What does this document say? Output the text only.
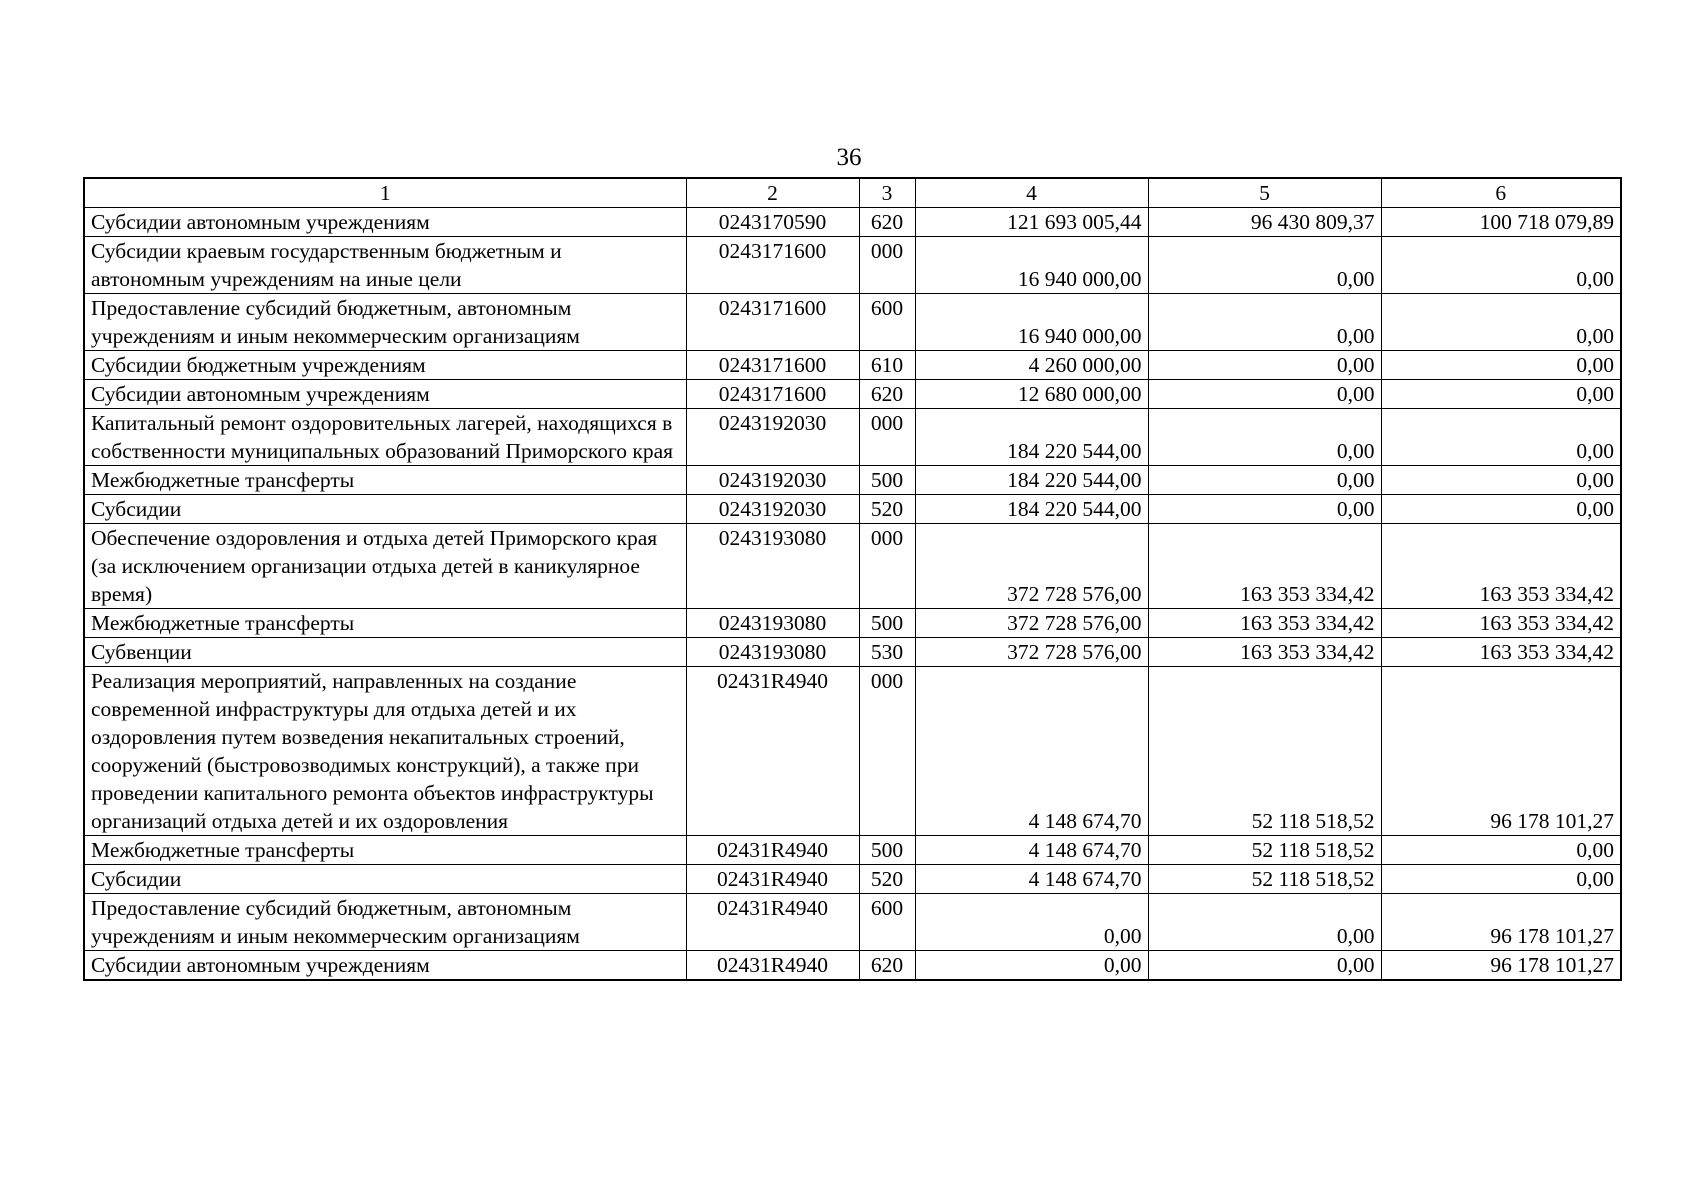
36
1	2	3	4	5	6
Субсидии автономным учреждениям	0243170590	620	121 693 005,44	96 430 809,37	100 718 079,89
Субсидии краевым государственным бюджетным и автономным учреждениям на иные цели	0243171600	000	16 940 000,00	0,00	0,00
Предоставление субсидий бюджетным, автономным учреждениям и иным некоммерческим организациям	0243171600	600	16 940 000,00	0,00	0,00
Субсидии бюджетным учреждениям	0243171600	610	4 260 000,00	0,00	0,00
Субсидии автономным учреждениям	0243171600	620	12 680 000,00	0,00	0,00
Капитальный ремонт оздоровительных лагерей, находящихся в собственности муниципальных образований Приморского края	0243192030	000	184 220 544,00	0,00	0,00
Межбюджетные трансферты	0243192030	500	184 220 544,00	0,00	0,00
Субсидии	0243192030	520	184 220 544,00	0,00	0,00
Обеспечение оздоровления и отдыха детей Приморского края (за исключением организации отдыха детей в каникулярное время)	0243193080	000	372 728 576,00	163 353 334,42	163 353 334,42
Межбюджетные трансферты	0243193080	500	372 728 576,00	163 353 334,42	163 353 334,42
Субвенции	0243193080	530	372 728 576,00	163 353 334,42	163 353 334,42
Реализация мероприятий, направленных на создание современной инфраструктуры для отдыха детей и их оздоровления путем возведения некапитальных строений, сооружений (быстровозводимых конструкций), а также при проведении капитального ремонта объектов инфраструктуры организаций отдыха детей и их оздоровления	02431R4940	000	4 148 674,70	52 118 518,52	96 178 101,27
Межбюджетные трансферты	02431R4940	500	4 148 674,70	52 118 518,52	0,00
Субсидии	02431R4940	520	4 148 674,70	52 118 518,52	0,00
Предоставление субсидий бюджетным, автономным учреждениям и иным некоммерческим организациям	02431R4940	600	0,00	0,00	96 178 101,27
Субсидии автономным учреждениям	02431R4940	620	0,00	0,00	96 178 101,27
